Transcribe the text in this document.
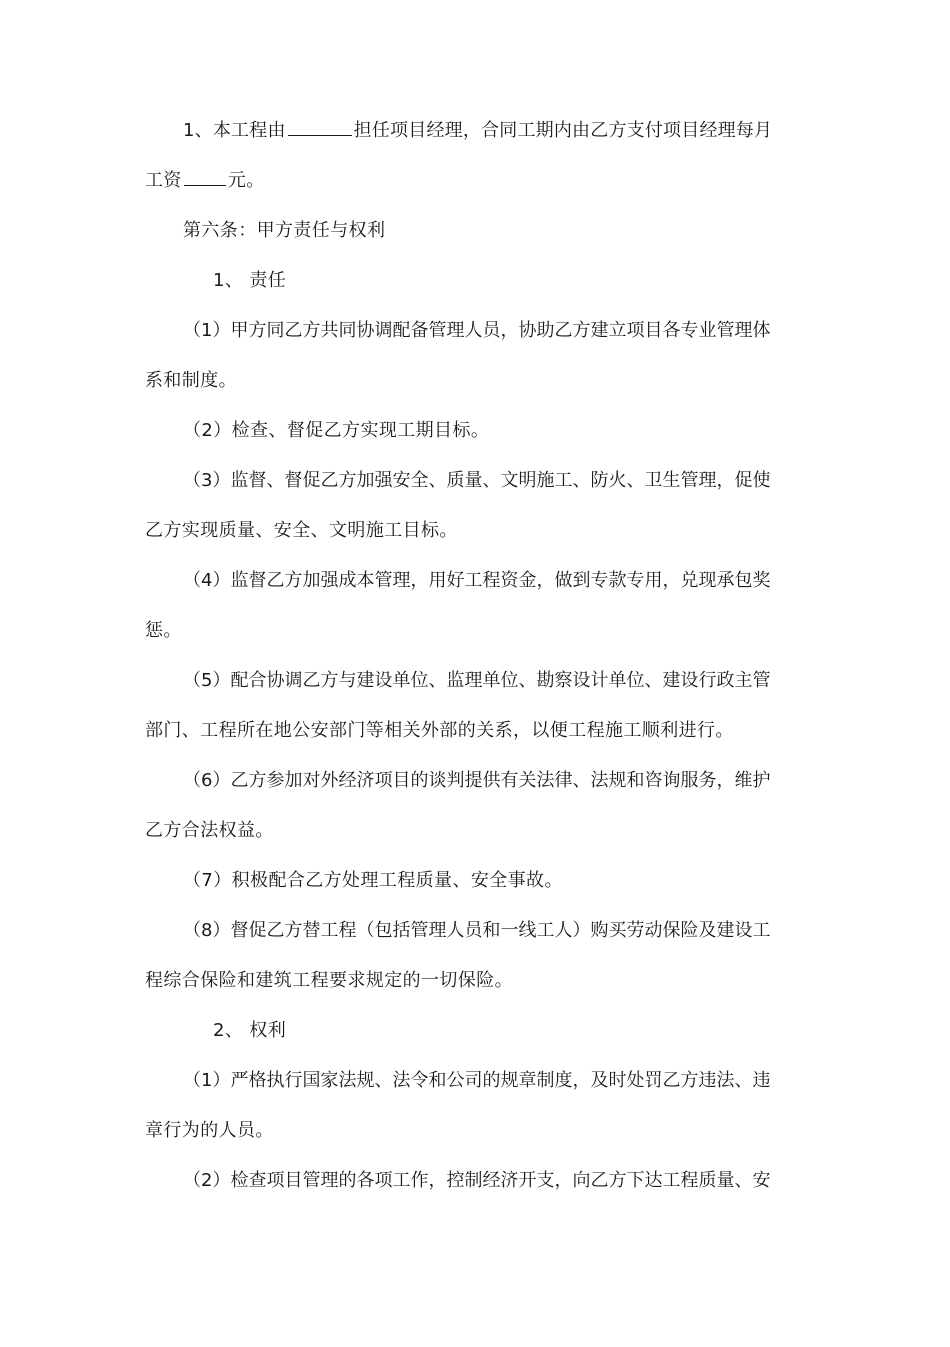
1、本工程由	担任项目经理，合同工期内由乙方支付项目经理每月
工资	元。
第六条：甲方责任与权利
1、 责任
（1）甲方同乙方共同协调配备管理人员，协助乙方建立项目各专业管理体
系和制度。
（2）检查、督促乙方实现工期目标。
（3）监督、督促乙方加强安全、质量、文明施工、防火、卫生管理，促使
乙方实现质量、安全、文明施工目标。
（4）监督乙方加强成本管理，用好工程资金，做到专款专用，兑现承包奖
惩。
（5）配合协调乙方与建设单位、监理单位、勘察设计单位、建设行政主管
部门、工程所在地公安部门等相关外部的关系，以便工程施工顺利进行。
（6）乙方参加对外经济项目的谈判提供有关法律、法规和咨询服务，维护
乙方合法权益。
（7）积极配合乙方处理工程质量、安全事故。
（8）督促乙方替工程（包括管理人员和一线工人）购买劳动保险及建设工
程综合保险和建筑工程要求规定的一切保险。
2、 权利
（1）严格执行国家法规、法令和公司的规章制度，及时处罚乙方违法、违
章行为的人员。
（2）检查项目管理的各项工作，控制经济开支，向乙方下达工程质量、安
